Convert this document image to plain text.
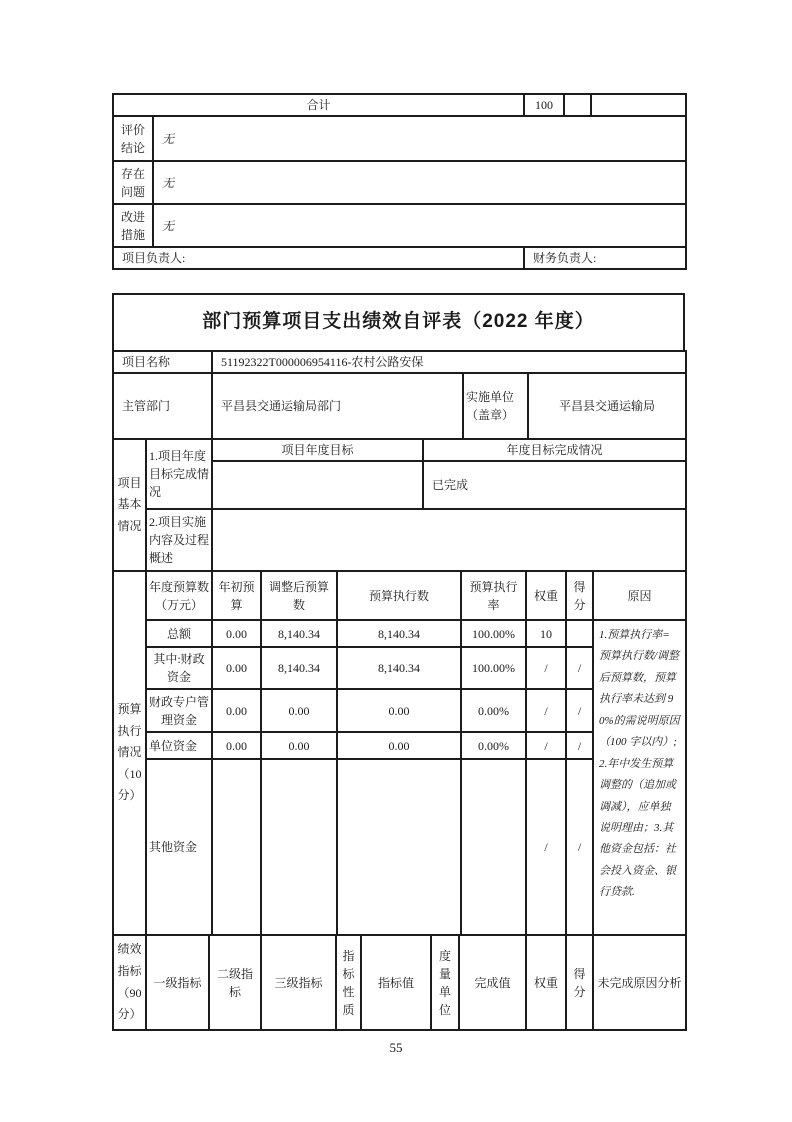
合计		100		
评价结论	无			
存在问题	无			
改进措施	无			
项目负责人:		财务负责人:		
部门预算项目支出绩效自评表（2022 年度）
项目名称	51192322T000006954116-农村公路安保
主管部门	平昌县交通运输局部门	实施单位 （盖章）	平昌县交通运输局
项目基本情况	1.项目年度目标完成情况	项目年度目标	年度目标完成情况
			已完成
	2.项目实施内容及过程概述		
预算执行情况（10分）	年度预算数（万元）	年初预算	调整后预算数	预算执行数	预算执行率	权重	得分	原因
	总额	0.00	8,140.34	8,140.34	100.00%	10		1.预算执行率=预算执行数/调整后预算数，预算执行率未达到 90%的需说明原因（100 字以内）;2.年中发生预算调整的（追加或调减），应单独说明理由；3.其他资金包括：社会投入资金、银行贷款.
	其中:财政资金	0.00	8,140.34	8,140.34	100.00%	/	/	
	财政专户管理资金	0.00	0.00	0.00	0.00%	/	/	
	单位资金	0.00	0.00	0.00	0.00%	/	/	
	其他资金					/	/	
绩效指标（90分）	一级指标	二级指标	三级指标	指标性质	指标值	度量单位	完成值	权重	得分	未完成原因分析
55
